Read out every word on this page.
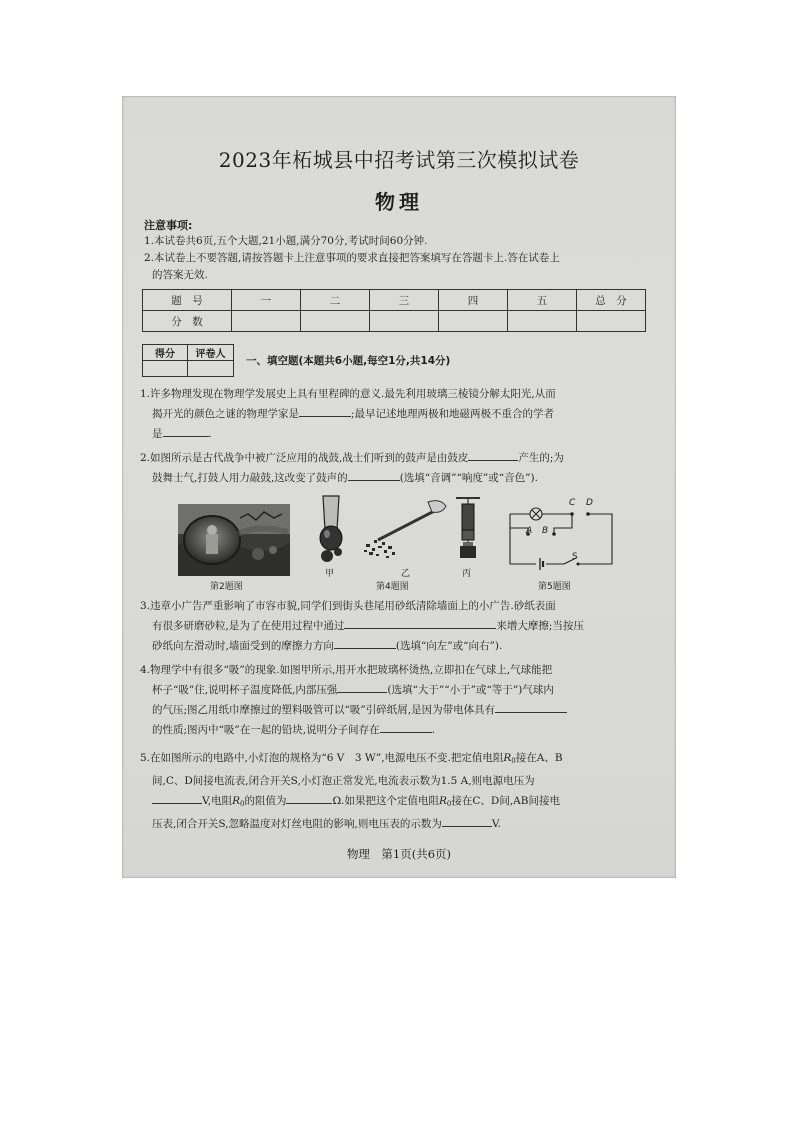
2023年柘城县中招考试第三次模拟试卷
物理
注意事项:
1.本试卷共6页,五个大题,21小题,满分70分,考试时间60分钟.
2.本试卷上不要答题,请按答题卡上注意事项的要求直接把答案填写在答题卡上.答在试卷上
的答案无效.
题　号	一	二	三	四	五	总　分
分　数						
得分	评卷人

一、填空题(本题共6小题,每空1分,共14分)
1.许多物理发现在物理学发展史上具有里程碑的意义.最先利用玻璃三棱镜分解太阳光,从而
揭开光的颜色之谜的物理学家是	;最早记述地理两极和地磁两极不重合的学者
是	.
2.如图所示是古代战争中被广泛应用的战鼓,战士们听到的鼓声是由鼓皮	产生的;为
鼓舞士气,打鼓人用力敲鼓,这改变了鼓声的	(选填“音调”“响度”或“音色”).
第2题图
甲	乙
第4题图
丙
C D
A B
S
第5题图
3.违章小广告严重影响了市容市貌,同学们到街头巷尾用砂纸清除墙面上的小广告.砂纸表面
有很多研磨砂粒,是为了在使用过程中通过	来增大摩擦;当按压
砂纸向左滑动时,墙面受到的摩擦力方向	(选填“向左”或“向右”).
4.物理学中有很多“吸”的现象.如图甲所示,用开水把玻璃杯烫热,立即扣在气球上,气球能把
杯子“吸”住,说明杯子温度降低,内部压强	(选填“大于”“小于”或“等于”)气球内
的气压;图乙用纸巾摩擦过的塑料吸管可以“吸”引碎纸屑,是因为带电体具有
的性质;图丙中“吸”在一起的铅块,说明分子间存在	.
5.在如图所示的电路中,小灯泡的规格为“6 V　3 W”,电源电压不变.把定值电阻R0接在A、B
间,C、D间接电流表,闭合开关S,小灯泡正常发光,电流表示数为1.5 A,则电源电压为
V,电阻R0的阻值为	Ω.如果把这个定值电阻R0接在C、D间,AB间接电
压表,闭合开关S,忽略温度对灯丝电阻的影响,则电压表的示数为	V.
物理　第1页(共6页)
